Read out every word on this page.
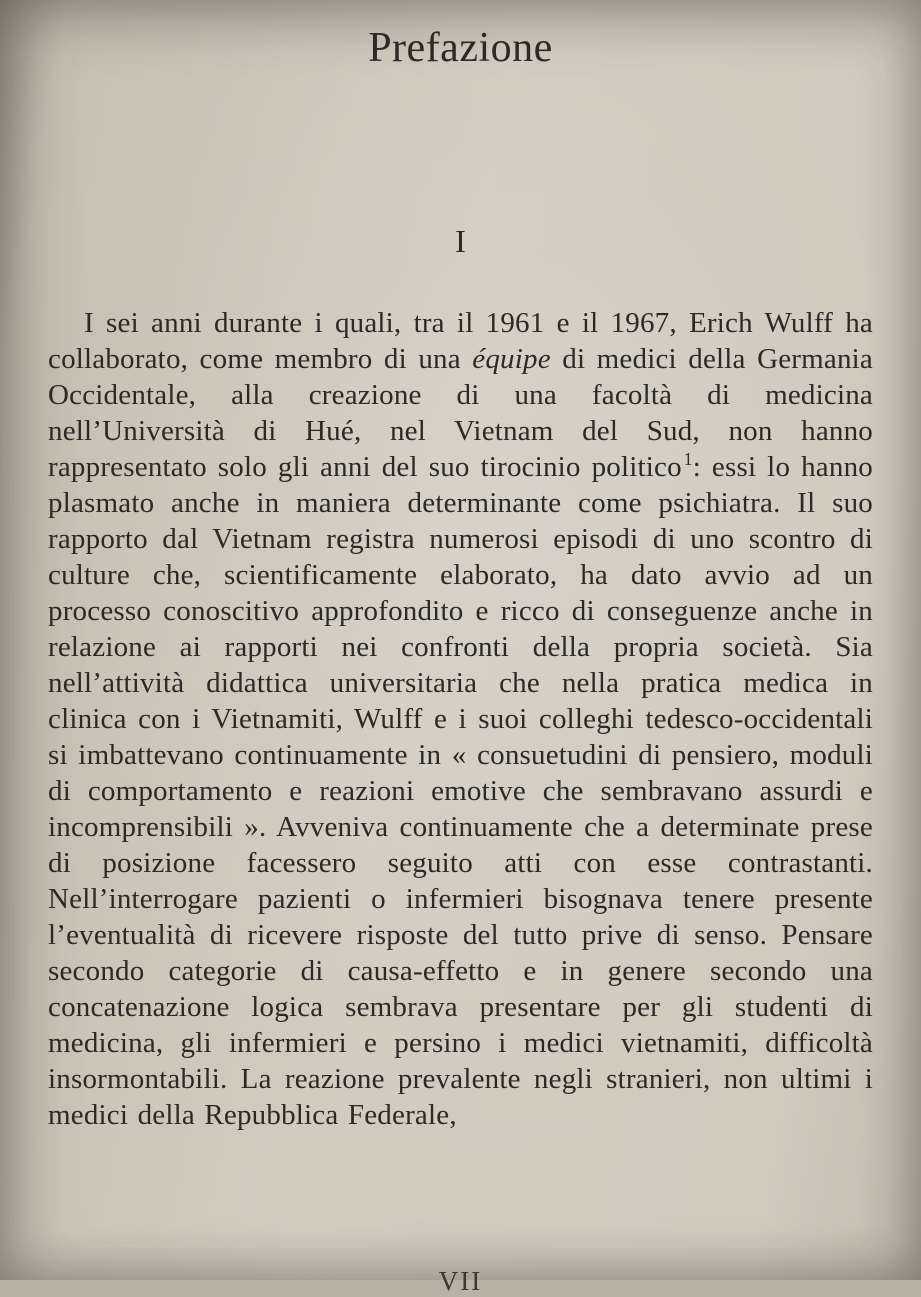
Prefazione
I

I sei anni durante i quali, tra il 1961 e il 1967, Erich Wulff ha collaborato, come membro di una équipe di medici della Germania Occidentale, alla creazione di una facoltà di medicina nell’Università di Hué, nel Vietnam del Sud, non hanno rappresentato solo gli anni del suo tirocinio politico $^1$: essi lo hanno plasmato anche in maniera determinante come psichiatra. Il suo rapporto dal Vietnam registra numerosi episodi di uno scontro di culture che, scientificamente elaborato, ha dato avvio ad un processo conoscitivo approfondito e ricco di conseguenze anche in relazione ai rapporti nei confronti della propria società. Sia nell’attività didattica universitaria che nella pratica medica in clinica con i Vietnamiti, Wulff e i suoi colleghi tedesco-occidentali si imbattevano continuamente in « consuetudini di pensiero, moduli di comportamento e reazioni emotive che sembravano assurdi e incomprensibili ». Avveniva continuamente che a determinate prese di posizione facessero seguito atti con esse contrastanti. Nell’interrogare pazienti o infermieri bisognava tenere presente l’eventualità di ricevere risposte del tutto prive di senso. Pensare secondo categorie di causa-effetto e in genere secondo una concatenazione logica sembrava presentare per gli studenti di medicina, gli infermieri e persino i medici vietnamiti, difficoltà insormontabili. La reazione prevalente negli stranieri, non ultimi i medici della Repubblica Federale,

VII
